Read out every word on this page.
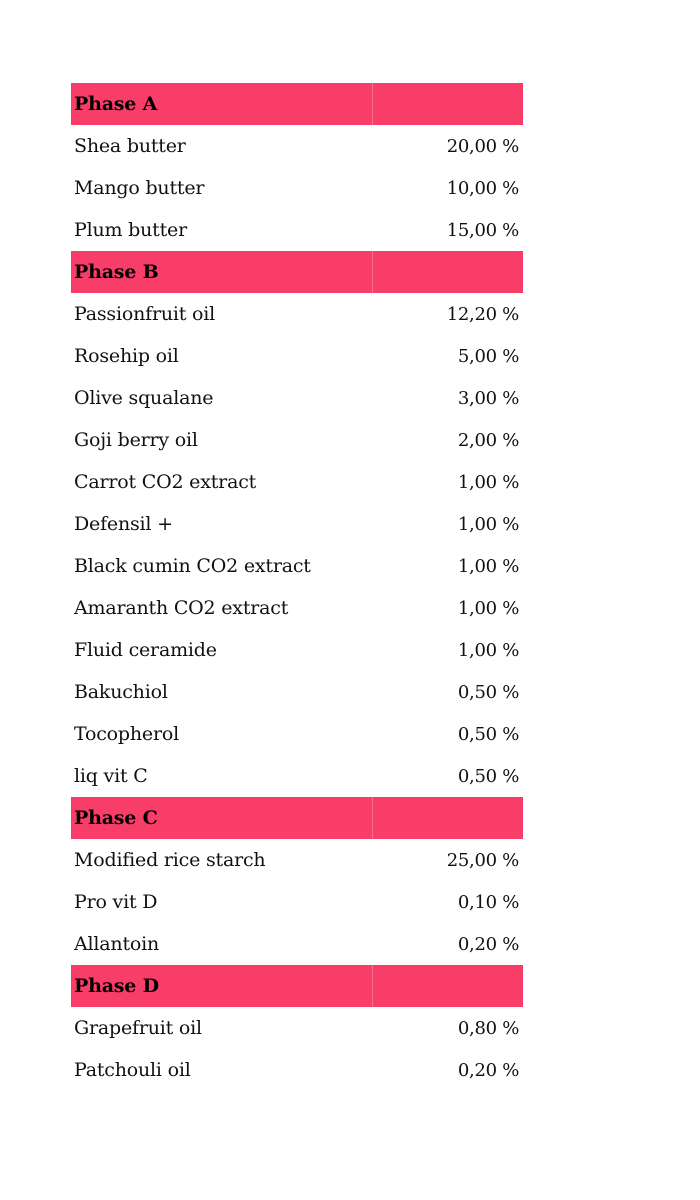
Phase A
Shea butter	20,00 %
Mango butter	10,00 %
Plum butter	15,00 %
Phase B
Passionfruit oil	12,20 %
Rosehip oil	5,00 %
Olive squalane	3,00 %
Goji berry oil	2,00 %
Carrot CO2 extract	1,00 %
Defensil +	1,00 %
Black cumin CO2 extract	1,00 %
Amaranth CO2 extract	1,00 %
Fluid ceramide	1,00 %
Bakuchiol	0,50 %
Tocopherol	0,50 %
liq vit C	0,50 %
Phase C
Modified rice starch	25,00 %
Pro vit D	0,10 %
Allantoin	0,20 %
Phase D
Grapefruit oil	0,80 %
Patchouli oil	0,20 %
